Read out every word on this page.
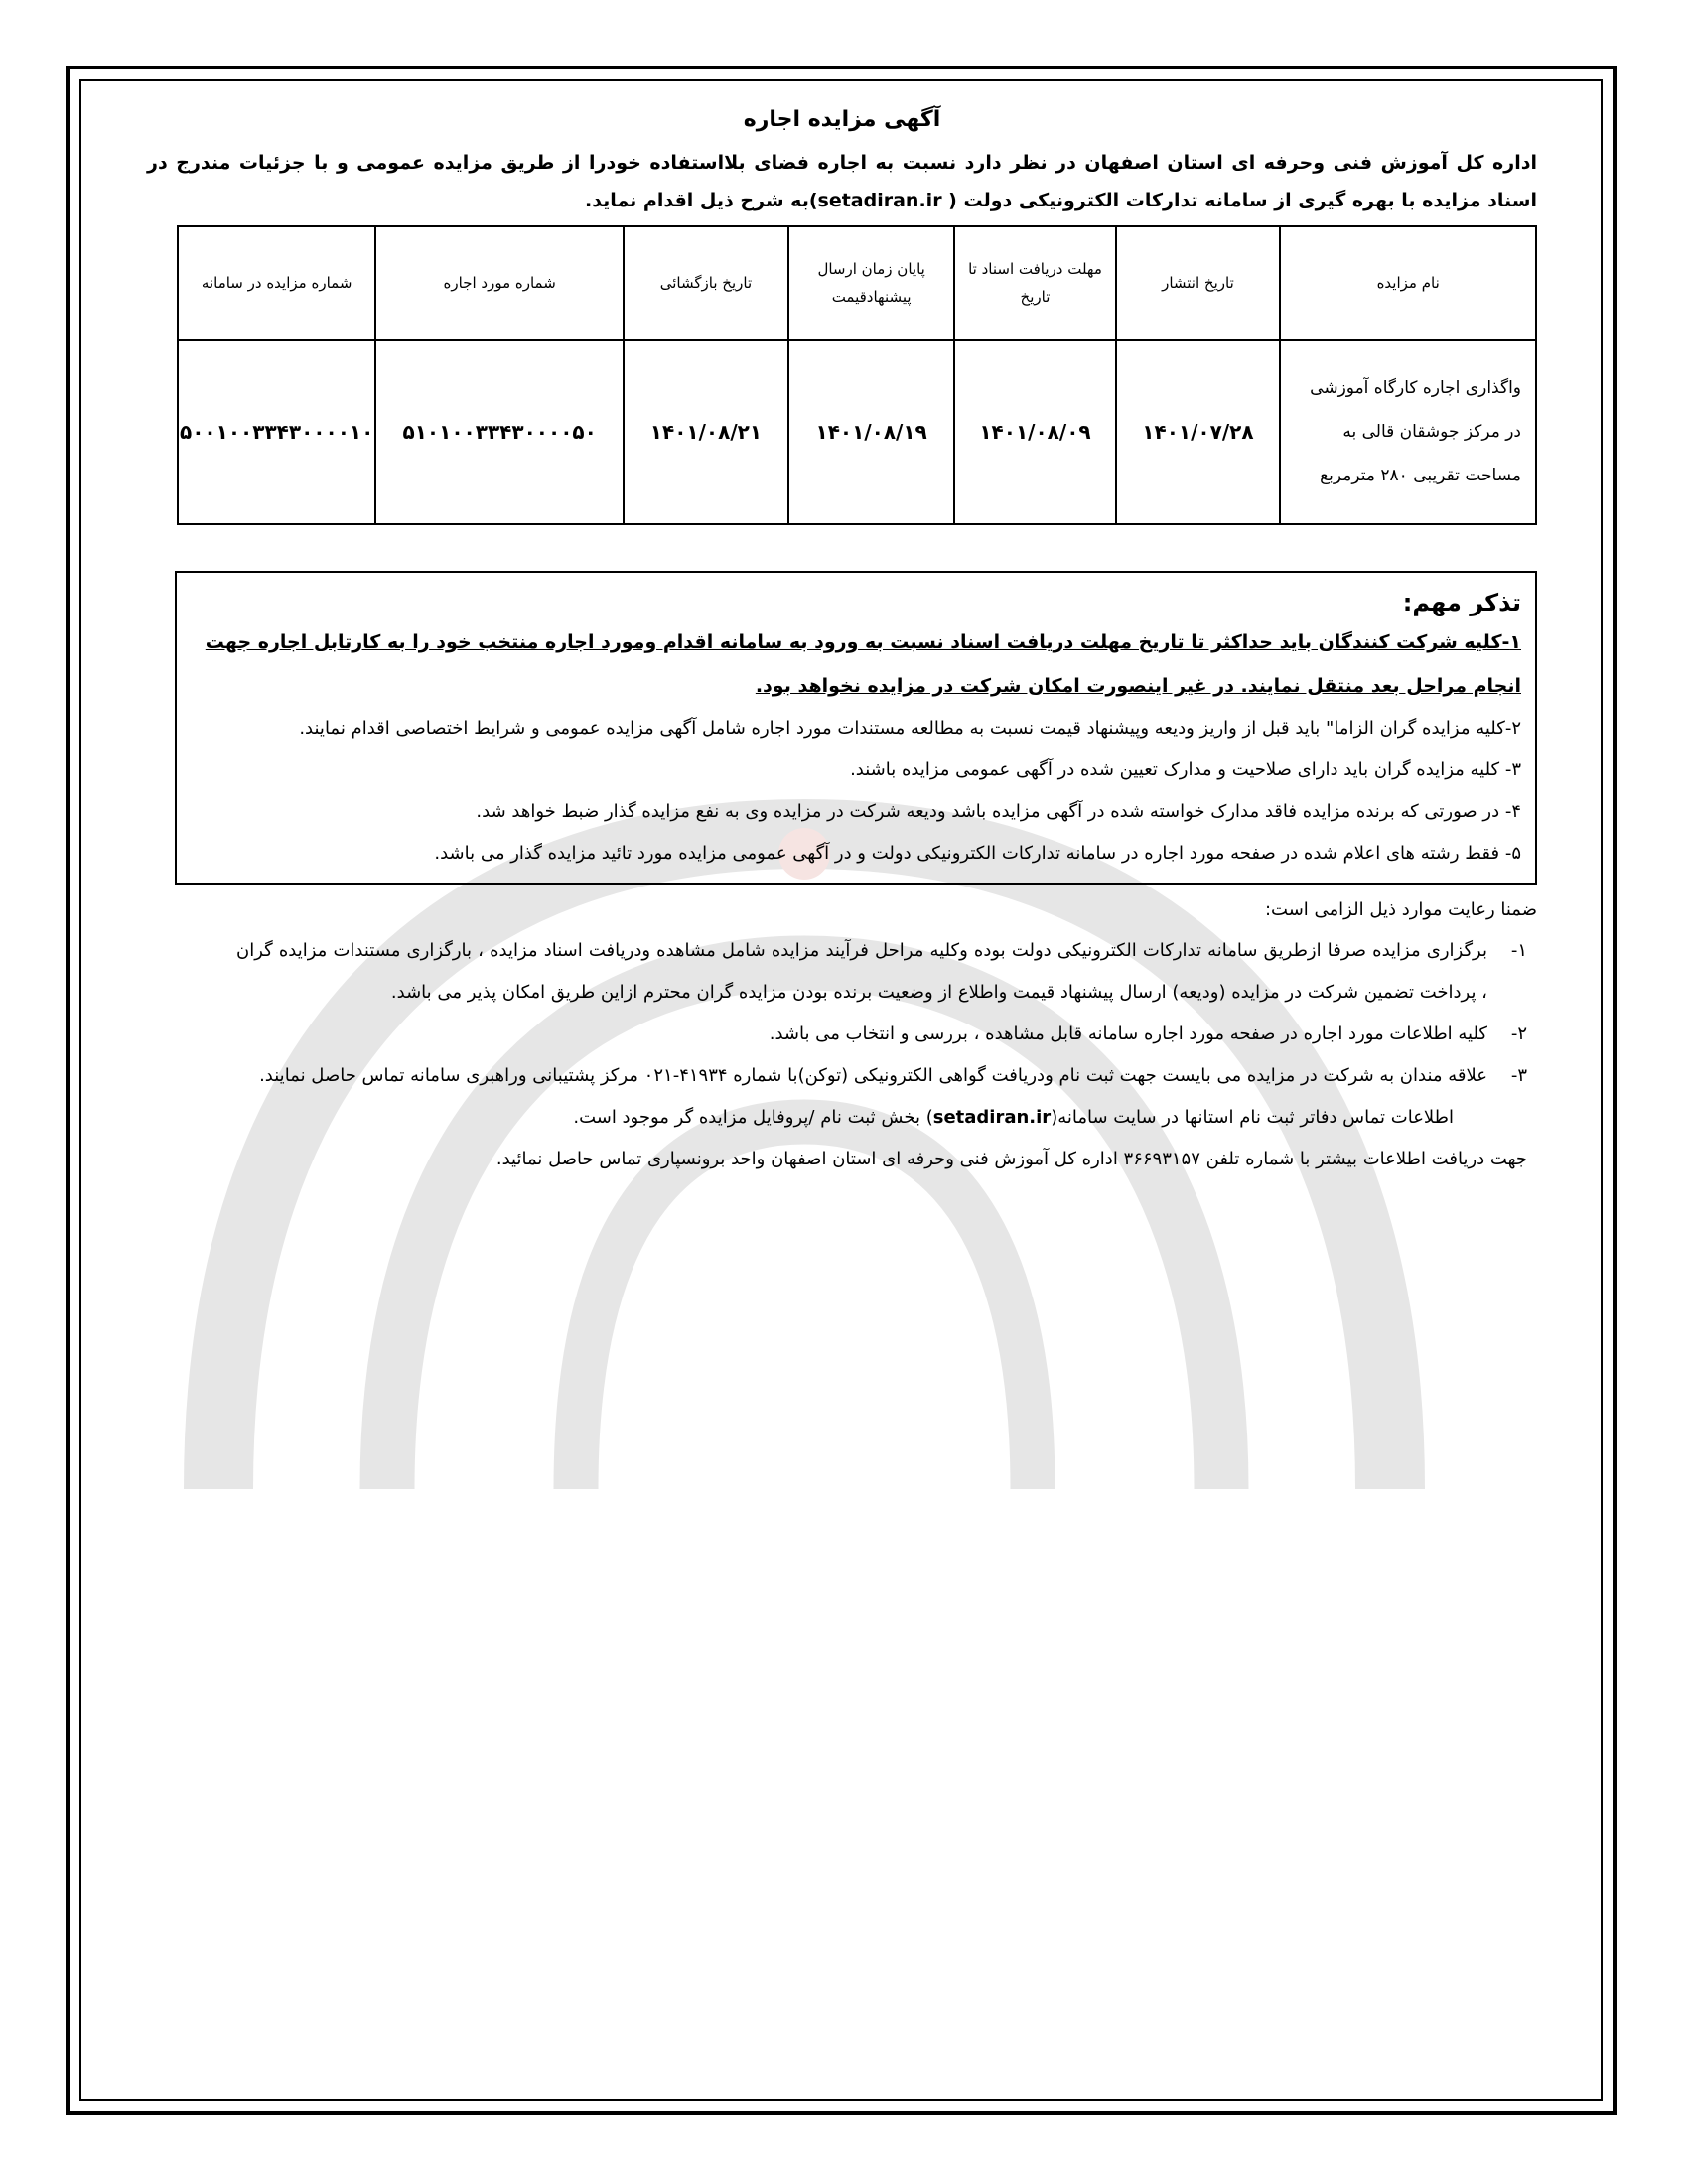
آگهی مزایده اجاره
اداره کل آموزش فنی وحرفه ای استان اصفهان در نظر دارد نسبت به اجاره فضای بلااستفاده خودرا از طریق مزایده عمومی و با جزئیات مندرج در اسناد مزایده با بهره گیری از سامانه تدارکات الکترونیکی دولت ( setadiran.ir)به شرح ذیل اقدام نماید.
نام مزایده	تاریخ انتشار	مهلت دریافت اسناد تا تاریخ	پایان زمان ارسال پیشنهادقیمت	تاریخ بازگشائی	شماره مورد اجاره	شماره مزایده در سامانه
واگذاری اجاره کارگاه آموزشی در مرکز جوشقان قالی به مساحت تقریبی ۲۸۰ مترمربع	۱۴۰۱/۰۷/۲۸	۱۴۰۱/۰۸/۰۹	۱۴۰۱/۰۸/۱۹	۱۴۰۱/۰۸/۲۱	۵۱۰۱۰۰۳۳۴۳۰۰۰۰۵۰	۵۰۰۱۰۰۳۳۴۳۰۰۰۰۱۰
تذکر مهم:
۱-کلیه شرکت کنندگان باید حداکثر تا تاریخ مهلت دریافت اسناد نسبت به ورود به سامانه اقدام ومورد اجاره منتخب خود را به کارتابل اجاره جهت انجام مراحل بعد منتقل نمایند. در غیر اینصورت امکان شرکت در مزایده نخواهد بود.
۲-کلیه مزایده گران الزاما" باید قبل از واریز ودیعه وپیشنهاد قیمت نسبت به مطالعه مستندات مورد اجاره شامل آگهی مزایده عمومی و شرایط اختصاصی اقدام نمایند.
۳- کلیه مزایده گران باید دارای صلاحیت و مدارک تعیین شده در آگهی عمومی مزایده باشند.
۴- در صورتی که برنده مزایده فاقد مدارک خواسته شده در آگهی مزایده باشد ودیعه شرکت در مزایده وی به نفع مزایده گذار ضبط خواهد شد.
۵- فقط رشته های اعلام شده در صفحه مورد اجاره در سامانه تدارکات الکترونیکی دولت و در آگهی عمومی مزایده مورد تائید مزایده گذار می باشد.
ضمنا رعایت موارد ذیل الزامی است:
۱-
برگزاری مزایده صرفا ازطریق سامانه تدارکات الکترونیکی دولت بوده وکلیه مراحل فرآیند مزایده شامل مشاهده ودریافت اسناد مزایده ، بارگزاری مستندات مزایده گران ، پرداخت تضمین شرکت در مزایده (ودیعه) ارسال پیشنهاد قیمت واطلاع از وضعیت برنده بودن مزایده گران محترم ازاین طریق امکان پذیر می باشد.
۲-
کلیه اطلاعات مورد اجاره در صفحه مورد اجاره سامانه قابل مشاهده ، بررسی و انتخاب می باشد.
۳-
علاقه مندان به شرکت در مزایده می بایست جهت ثبت نام ودریافت گواهی الکترونیکی (توکن)با شماره ۴۱۹۳۴-۰۲۱ مرکز پشتیبانی وراهبری سامانه تماس حاصل نمایند.
اطلاعات تماس دفاتر ثبت نام استانها در سایت سامانه(setadiran.ir) بخش ثبت نام /پروفایل مزایده گر موجود است.
جهت دریافت اطلاعات بیشتر با شماره تلفن ۳۶۶۹۳۱۵۷ اداره کل آموزش فنی وحرفه ای استان اصفهان واحد برونسپاری تماس حاصل نمائید.
